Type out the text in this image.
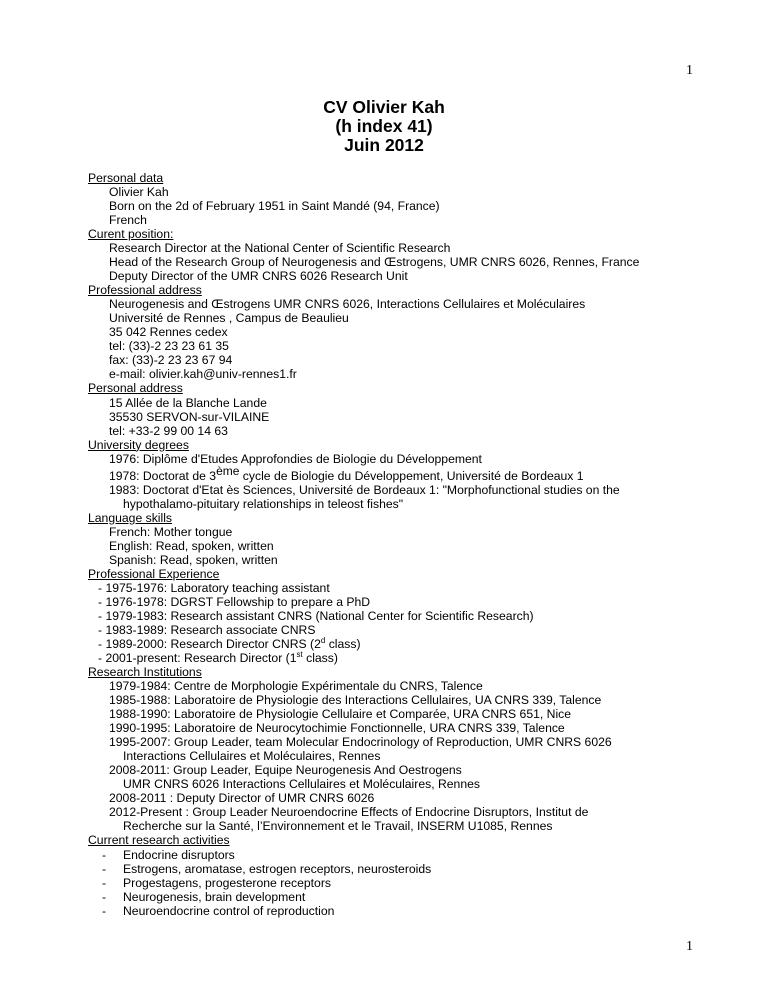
1
CV Olivier Kah
(h index 41)
Juin 2012
Personal data
Olivier Kah
Born on the 2d of February 1951 in Saint Mandé (94, France)
French
Curent position:
Research Director at the National Center of Scientific Research
Head of the Research Group of Neurogenesis and Œstrogens, UMR CNRS 6026, Rennes, France
Deputy Director of the UMR CNRS 6026 Research Unit
Professional address
Neurogenesis and Œstrogens UMR CNRS 6026, Interactions Cellulaires et Moléculaires
Université de Rennes , Campus de Beaulieu
35 042 Rennes cedex
tel: (33)-2 23 23 61 35
fax: (33)-2 23 23 67 94
e-mail: olivier.kah@univ-rennes1.fr
Personal address
15 Allée de la Blanche Lande
35530 SERVON-sur-VILAINE
tel: +33-2 99 00 14 63
University degrees
1976: Diplôme d'Etudes Approfondies de Biologie du Développement
1978: Doctorat de 3ème cycle de Biologie du Développement, Université de Bordeaux 1
1983: Doctorat d'Etat ès Sciences, Université de Bordeaux 1: "Morphofunctional studies on the
hypothalamo-pituitary relationships in teleost fishes"
Language skills
French: Mother tongue
English: Read, spoken, written
Spanish: Read, spoken, written
Professional Experience
- 1975-1976: Laboratory teaching assistant
- 1976-1978: DGRST Fellowship to prepare a PhD
- 1979-1983: Research assistant CNRS (National Center for Scientific Research)
- 1983-1989: Research associate CNRS
- 1989-2000: Research Director CNRS (2$^d$ class)
- 2001-present: Research Director (1st class)
Research Institutions
1979-1984: Centre de Morphologie Expérimentale du CNRS, Talence
1985-1988: Laboratoire de Physiologie des Interactions Cellulaires, UA CNRS 339, Talence
1988-1990: Laboratoire de Physiologie Cellulaire et Comparée, URA CNRS 651, Nice
1990-1995: Laboratoire de Neurocytochimie Fonctionnelle, URA CNRS 339, Talence
1995-2007: Group Leader, team Molecular Endocrinology of Reproduction, UMR CNRS 6026
Interactions Cellulaires et Moléculaires, Rennes
2008-2011: Group Leader, Equipe Neurogenesis And Oestrogens
UMR CNRS 6026 Interactions Cellulaires et Moléculaires, Rennes
2008-2011 : Deputy Director of UMR CNRS 6026
2012-Present : Group Leader Neuroendocrine Effects of Endocrine Disruptors, Institut de
Recherche sur la Santé, l’Environnement et le Travail, INSERM U1085, Rennes
Current research activities
-	Endocrine disruptors
-	Estrogens, aromatase, estrogen receptors, neurosteroids
-	Progestagens, progesterone receptors
-	Neurogenesis, brain development
-	Neuroendocrine control of reproduction
1
